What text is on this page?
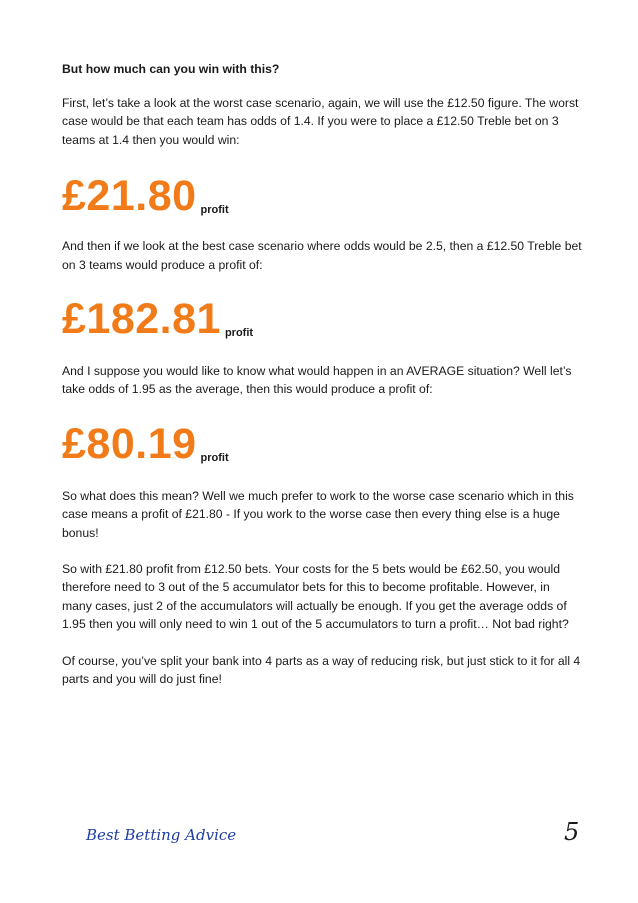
But how much can you win with this?

First, let’s take a look at the worst case scenario, again, we will use the £12.50 figure. The worst case would be that each team has odds of 1.4. If you were to place a £12.50 Treble bet on 3 teams at 1.4 then you would win:

£21.80 profit

And then if we look at the best case scenario where odds would be 2.5, then a £12.50 Treble bet on 3 teams would produce a profit of:

£182.81 profit

And I suppose you would like to know what would happen in an AVERAGE situation? Well let’s take odds of 1.95 as the average, then this would produce a profit of:

£80.19 profit

So what does this mean? Well we much prefer to work to the worse case scenario which in this case means a profit of £21.80 - If you work to the worse case then every thing else is a huge bonus!

So with £21.80 profit from £12.50 bets. Your costs for the 5 bets would be £62.50, you would therefore need to 3 out of the 5 accumulator bets for this to become profitable. However, in many cases, just 2 of the accumulators will actually be enough. If you get the average odds of 1.95 then you will only need to win 1 out of the 5 accumulators to turn a profit… Not bad right?

Of course, you’ve split your bank into 4 parts as a way of reducing risk, but just stick to it for all 4 parts and you will do just fine!

Best Betting Advice	5
